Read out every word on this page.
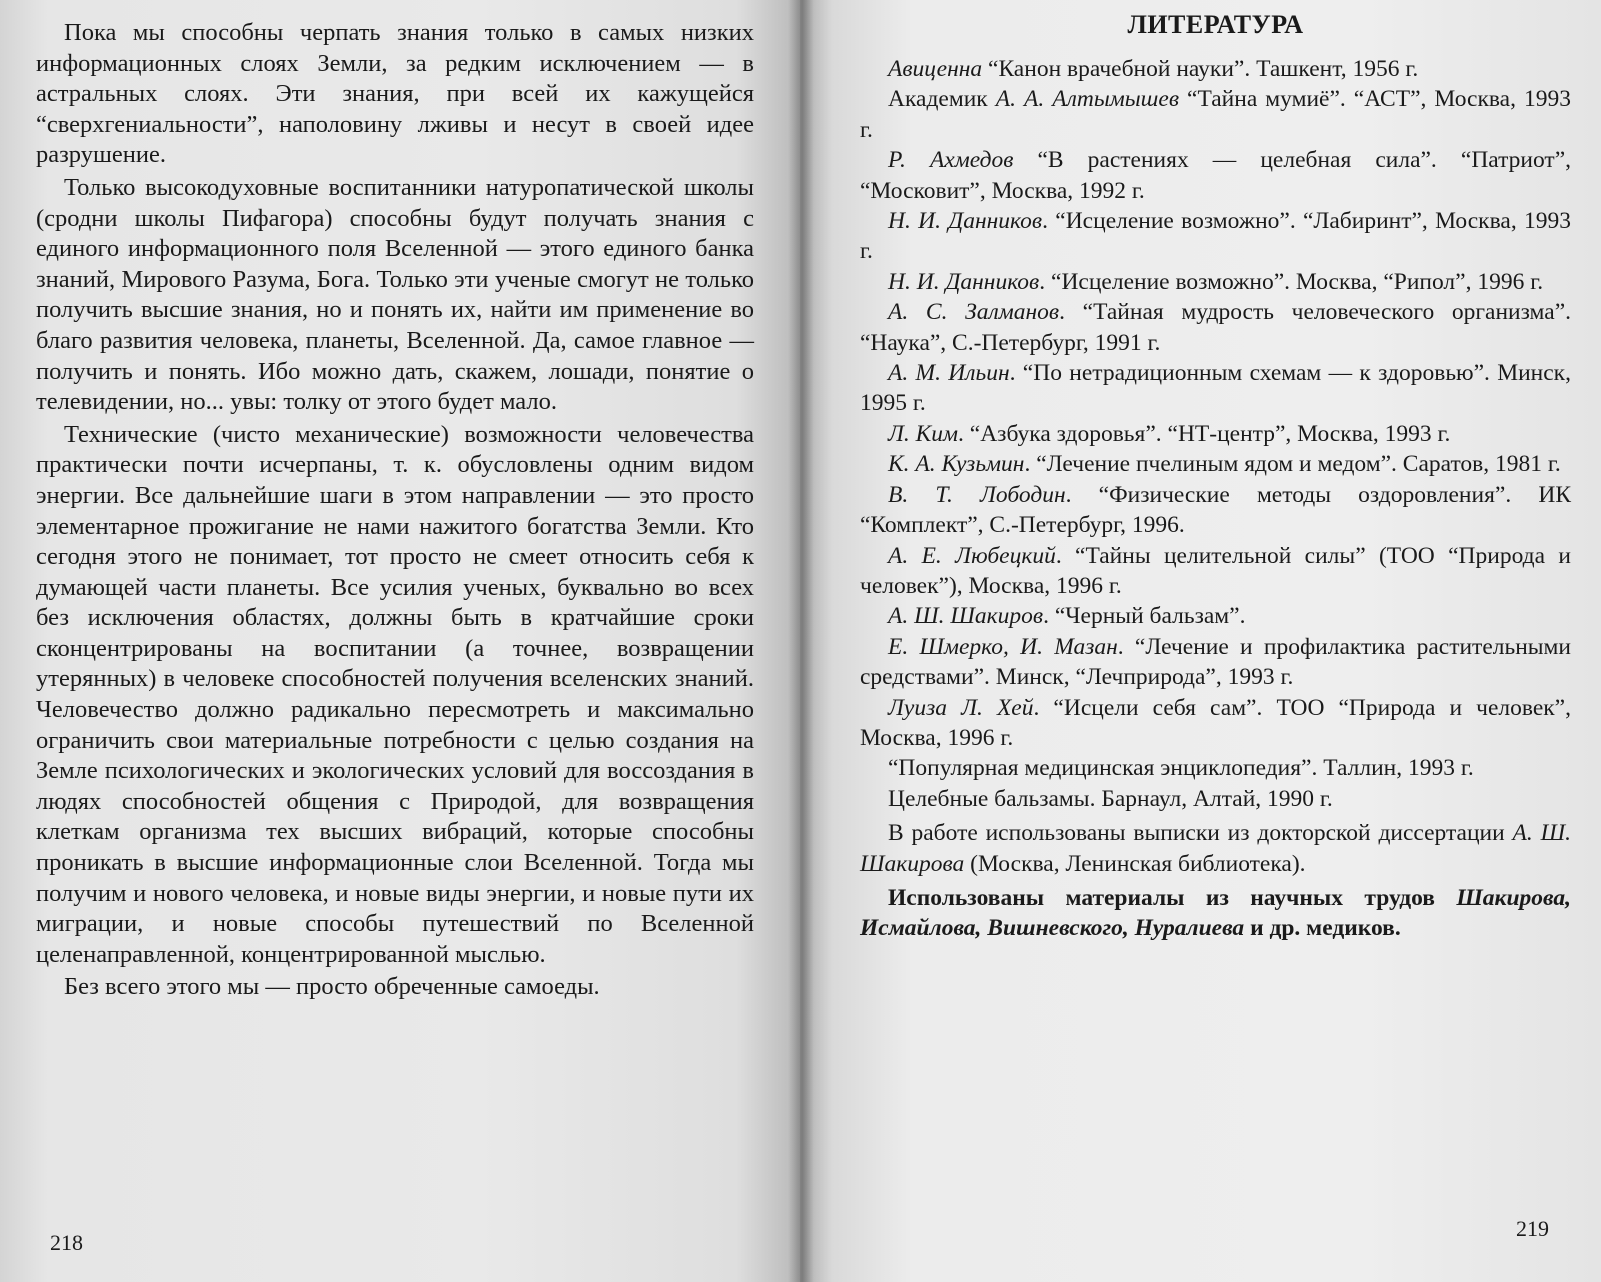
Пока мы способны черпать знания только в самых низких информационных слоях Земли, за редким исключением — в астральных слоях. Эти знания, при всей их кажущейся “сверхгениальности”, наполовину лживы и несут в своей идее разрушение.

Только высокодуховные воспитанники натуропатической школы (сродни школы Пифагора) способны будут получать знания с единого информационного поля Вселенной — этого единого банка знаний, Мирового Разума, Бога. Только эти ученые смогут не только получить высшие знания, но и понять их, найти им применение во благо развития человека, планеты, Вселенной. Да, самое главное — получить и понять. Ибо можно дать, скажем, лошади, понятие о телевидении, но... увы: толку от этого будет мало.

Технические (чисто механические) возможности человечества практически почти исчерпаны, т. к. обусловлены одним видом энергии. Все дальнейшие шаги в этом направлении — это просто элементарное прожигание не нами нажитого богатства Земли. Кто сегодня этого не понимает, тот просто не смеет относить себя к думающей части планеты. Все усилия ученых, буквально во всех без исключения областях, должны быть в кратчайшие сроки сконцентрированы на воспитании (а точнее, возвращении утерянных) в человеке способностей получения вселенских знаний. Человечество должно радикально пересмотреть и максимально ограничить свои материальные потребности с целью создания на Земле психологических и экологических условий для воссоздания в людях способностей общения с Природой, для возвращения клеткам организма тех высших вибраций, которые способны проникать в высшие информационные слои Вселенной. Тогда мы получим и нового человека, и новые виды энергии, и новые пути их миграции, и новые способы путешествий по Вселенной целенаправленной, концентрированной мыслью.

Без всего этого мы — просто обреченные самоеды.

218
ЛИТЕРАТУРА
Авиценна “Канон врачебной науки”. Ташкент, 1956 г.
Академик А. А. Алтымышев “Тайна мумиё”. “АСТ”, Москва, 1993 г.
Р. Ахмедов “В растениях — целебная сила”. “Патриот”, “Московит”, Москва, 1992 г.
Н. И. Данников. “Исцеление возможно”. “Лабиринт”, Москва, 1993 г.
Н. И. Данников. “Исцеление возможно”. Москва, “Рипол”, 1996 г.
А. С. Залманов. “Тайная мудрость человеческого организма”. “Наука”, С.-Петербург, 1991 г.
А. М. Ильин. “По нетрадиционным схемам — к здоровью”. Минск, 1995 г.
Л. Ким. “Азбука здоровья”. “НТ-центр”, Москва, 1993 г.
К. А. Кузьмин. “Лечение пчелиным ядом и медом”. Саратов, 1981 г.
В. Т. Лободин. “Физические методы оздоровления”. ИК “Комплект”, С.-Петербург, 1996.
А. Е. Любецкий. “Тайны целительной силы” (ТОО “Природа и человек”), Москва, 1996 г.
А. Ш. Шакиров. “Черный бальзам”.
Е. Шмерко, И. Мазан. “Лечение и профилактика растительными средствами”. Минск, “Лечприрода”, 1993 г.
Луиза Л. Хей. “Исцели себя сам”. ТОО “Природа и человек”, Москва, 1996 г.
“Популярная медицинская энциклопедия”. Таллин, 1993 г.
Целебные бальзамы. Барнаул, Алтай, 1990 г.

В работе использованы выписки из докторской диссертации А. Ш. Шакирова (Москва, Ленинская библиотека).

Использованы материалы из научных трудов Шакирова, Исмайлова, Вишневского, Нуралиева и др. медиков.

219
